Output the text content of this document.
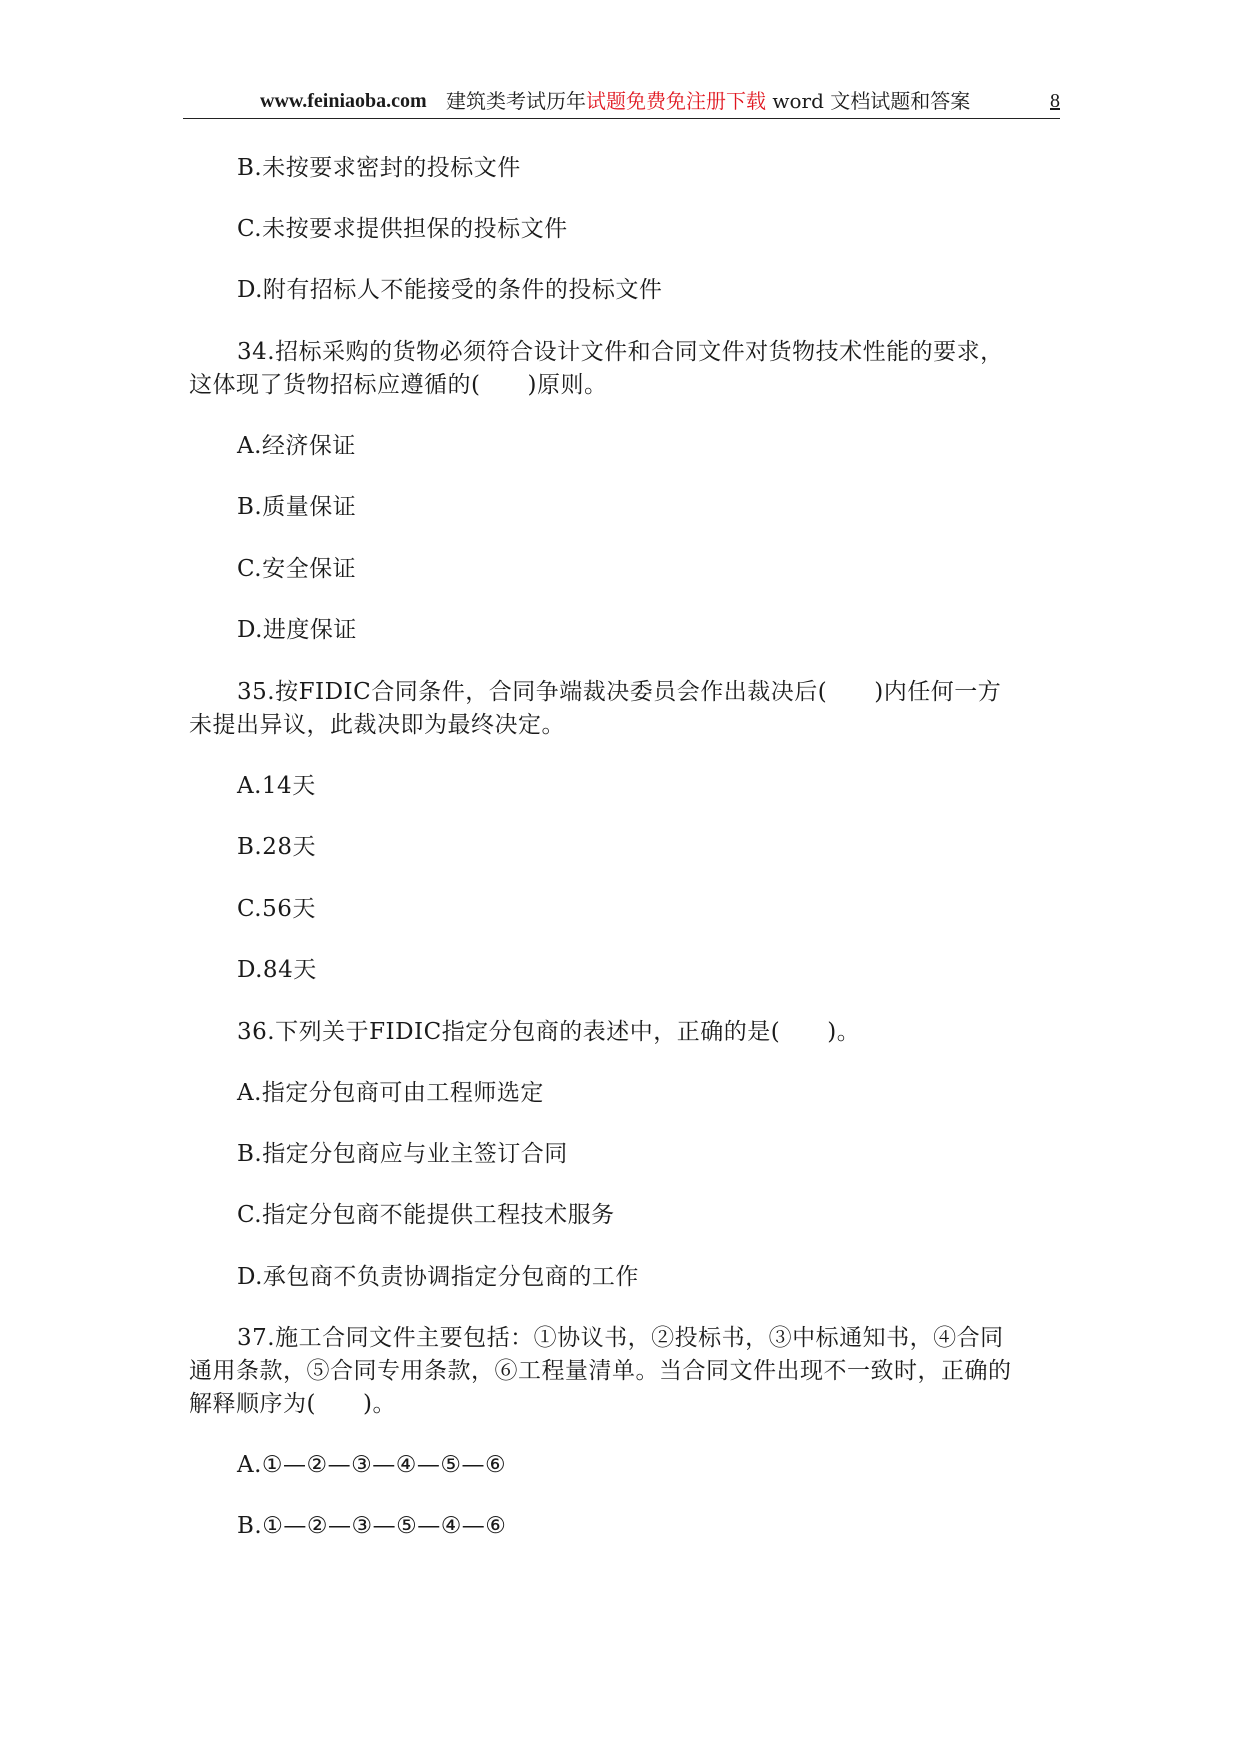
www.feiniaoba.com 建筑类考试历年试题免费免注册下载 word 文档试题和答案	8
B.未按要求密封的投标文件
C.未按要求提供担保的投标文件
D.附有招标人不能接受的条件的投标文件
34.招标采购的货物必须符合设计文件和合同文件对货物技术性能的要求，
这体现了货物招标应遵循的(　　)原则。
A.经济保证
B.质量保证
C.安全保证
D.进度保证
35.按FIDIC合同条件，合同争端裁决委员会作出裁决后(　　)内任何一方
未提出异议，此裁决即为最终决定。
A.14天
B.28天
C.56天
D.84天
36.下列关于FIDIC指定分包商的表述中，正确的是(　　)。
A.指定分包商可由工程师选定
B.指定分包商应与业主签订合同
C.指定分包商不能提供工程技术服务
D.承包商不负责协调指定分包商的工作
37.施工合同文件主要包括：①协议书，②投标书，③中标通知书，④合同
通用条款，⑤合同专用条款，⑥工程量清单。当合同文件出现不一致时，正确的
解释顺序为(　　)。
A.①—②—③—④—⑤—⑥
B.①—②—③—⑤—④—⑥
